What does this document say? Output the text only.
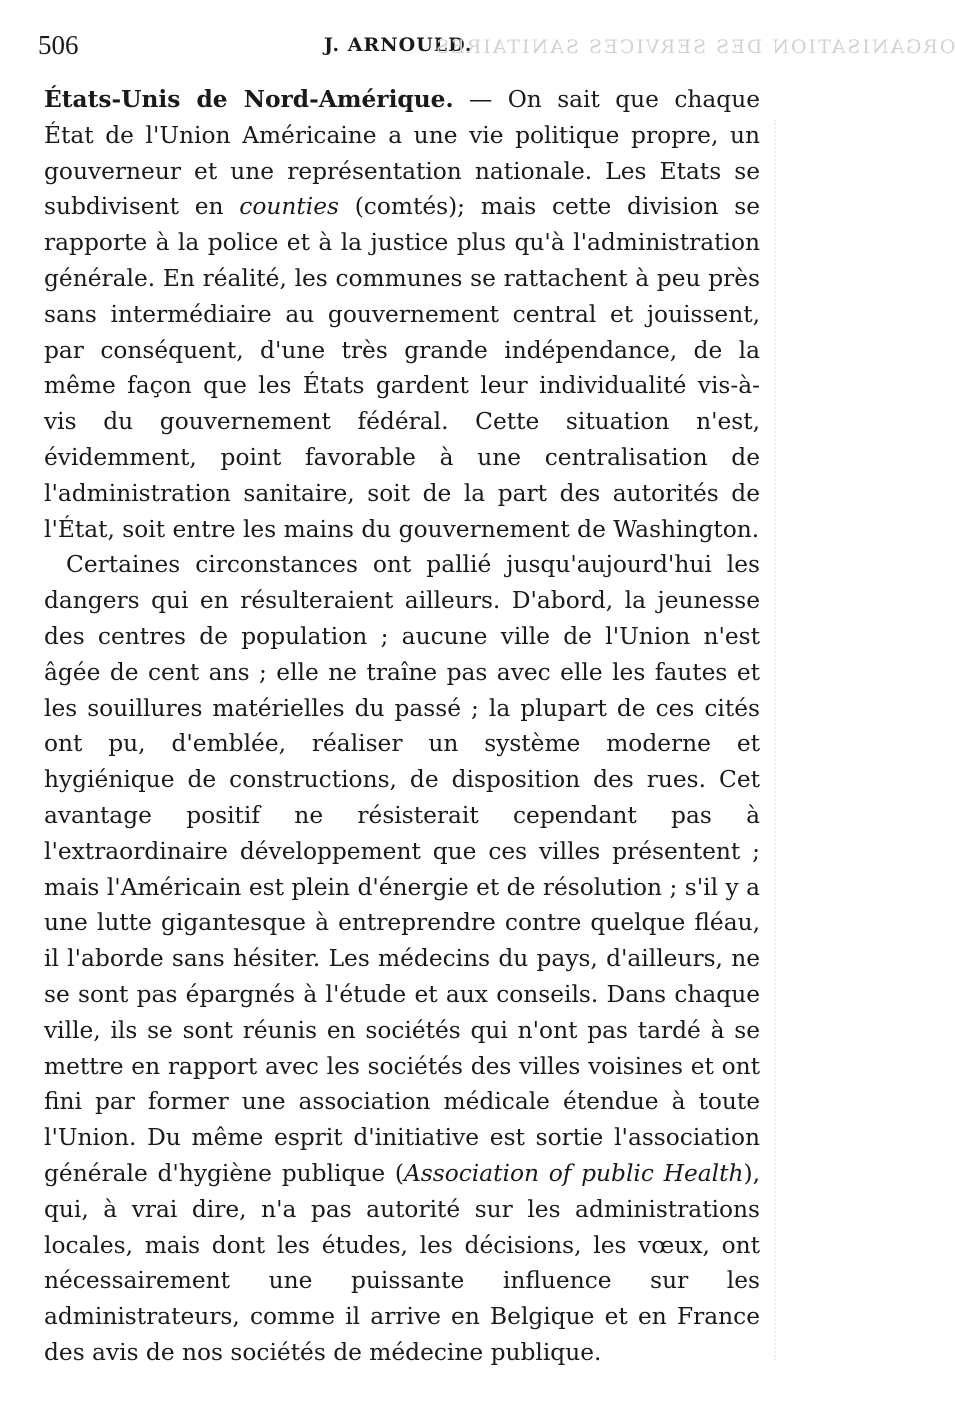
506	J. ARNOULD.
ORGANISATION DES SERVICES SANITAIRES

États-Unis de Nord-Amérique. — On sait que chaque État de l'Union Américaine a une vie politique propre, un gouverneur et une représentation nationale. Les Etats se subdivisent en counties (comtés); mais cette division se rapporte à la police et à la justice plus qu'à l'administration générale. En réalité, les communes se rattachent à peu près sans intermédiaire au gouvernement central et jouissent, par conséquent, d'une très grande indépendance, de la même façon que les États gardent leur individualité vis-à-vis du gouvernement fédéral. Cette situation n'est, évidemment, point favorable à une centralisation de l'administration sanitaire, soit de la part des autorités de l'État, soit entre les mains du gouvernement de Washington.

Certaines circonstances ont pallié jusqu'aujourd'hui les dangers qui en résulteraient ailleurs. D'abord, la jeunesse des centres de population ; aucune ville de l'Union n'est âgée de cent ans ; elle ne traîne pas avec elle les fautes et les souillures matérielles du passé ; la plupart de ces cités ont pu, d'emblée, réaliser un système moderne et hygiénique de constructions, de disposition des rues. Cet avantage positif ne résisterait cependant pas à l'extraordinaire développement que ces villes présentent ; mais l'Américain est plein d'énergie et de résolution ; s'il y a une lutte gigantesque à entreprendre contre quelque fléau, il l'aborde sans hésiter. Les médecins du pays, d'ailleurs, ne se sont pas épargnés à l'étude et aux conseils. Dans chaque ville, ils se sont réunis en sociétés qui n'ont pas tardé à se mettre en rapport avec les sociétés des villes voisines et ont fini par former une association médicale étendue à toute l'Union. Du même esprit d'initiative est sortie l'association générale d'hygiène publique (Association of public Health), qui, à vrai dire, n'a pas autorité sur les administrations locales, mais dont les études, les décisions, les vœux, ont nécessairement une puissante influence sur les administrateurs, comme il arrive en Belgique et en France des avis de nos sociétés de médecine publique.
